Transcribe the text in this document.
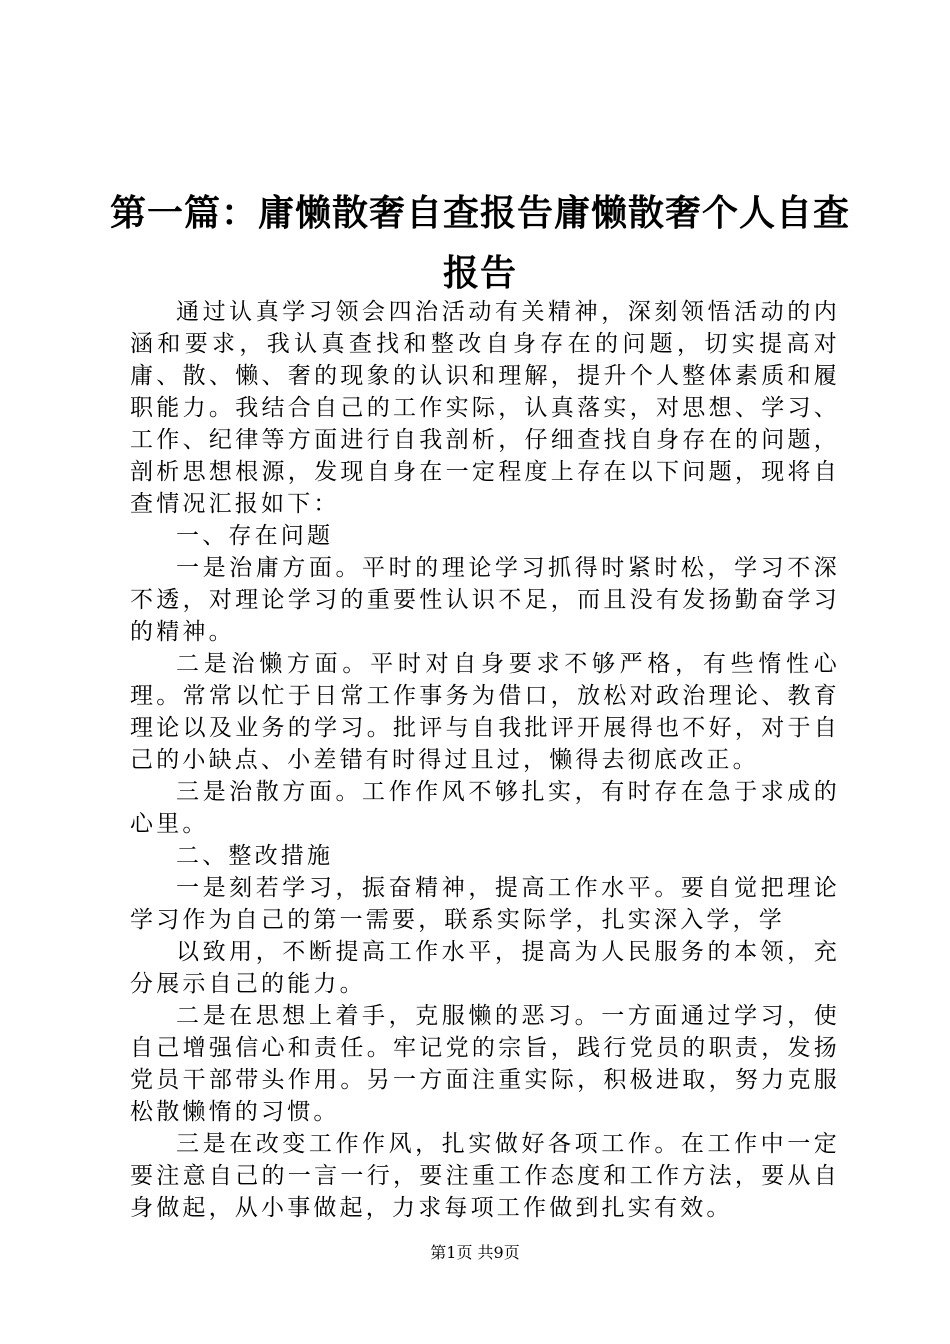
第一篇：庸懒散奢自查报告庸懒散奢个人自查报告

通过认真学习领会四治活动有关精神，深刻领悟活动的内涵和要求，我认真查找和整改自身存在的问题，切实提高对庸、散、懒、奢的现象的认识和理解，提升个人整体素质和履职能力。我结合自己的工作实际，认真落实，对思想、学习、工作、纪律等方面进行自我剖析，仔细查找自身存在的问题，剖析思想根源，发现自身在一定程度上存在以下问题，现将自查情况汇报如下：

一、存在问题

一是治庸方面。平时的理论学习抓得时紧时松，学习不深不透，对理论学习的重要性认识不足，而且没有发扬勤奋学习的精神。

二是治懒方面。平时对自身要求不够严格，有些惰性心理。常常以忙于日常工作事务为借口，放松对政治理论、教育理论以及业务的学习。批评与自我批评开展得也不好，对于自己的小缺点、小差错有时得过且过，懒得去彻底改正。

三是治散方面。工作作风不够扎实，有时存在急于求成的心里。

二、整改措施

一是刻若学习，振奋精神，提高工作水平。要自觉把理论学习作为自己的第一需要，联系实际学，扎实深入学，学

以致用，不断提高工作水平，提高为人民服务的本领，充分展示自己的能力。

二是在思想上着手，克服懒的恶习。一方面通过学习，使自己增强信心和责任。牢记党的宗旨，践行党员的职责，发扬党员干部带头作用。另一方面注重实际，积极进取，努力克服松散懒惰的习惯。

三是在改变工作作风，扎实做好各项工作。在工作中一定要注意自己的一言一行，要注重工作态度和工作方法，要从自身做起，从小事做起，力求每项工作做到扎实有效。

第1页 共9页
